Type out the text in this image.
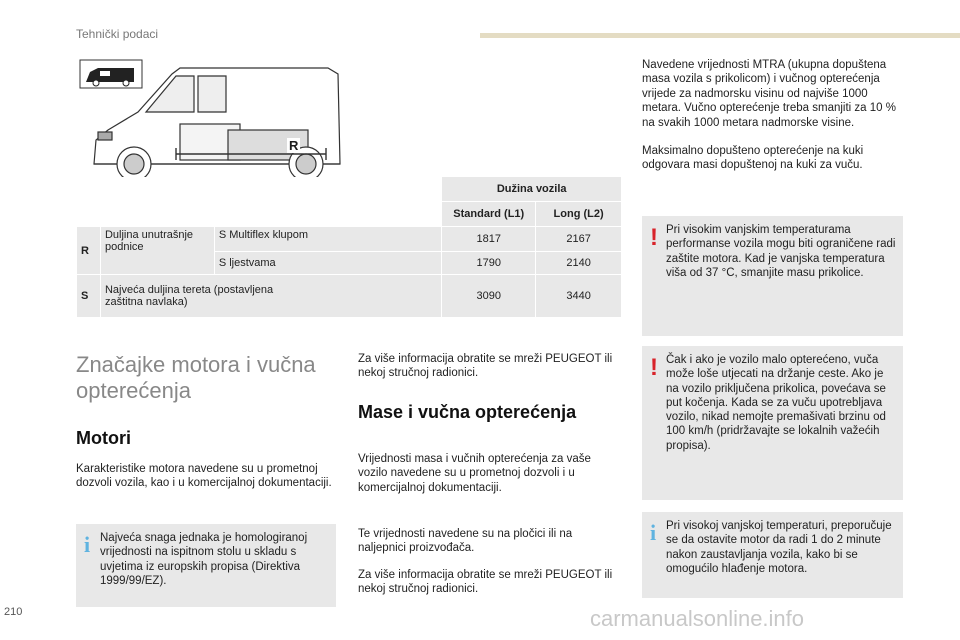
Tehnički podaci
R
			Dužina vozila	
			Standard (L1)	Long (L2)
R	Duljina unutrašnje podnice	S Multiflex klupom	1817	2167
		S ljestvama	1790	2140
S	Najveća duljina tereta (postavljena zaštitna navlaka)		3090	3440
Značajke motora i vučna opterećenja
Motori
Karakteristike motora navedene su u prometnoj dozvoli vozila, kao i u komercijalnoj dokumentaciji.
i Najveća snaga jednaka je homologiranoj vrijednosti na ispitnom stolu u skladu s uvjetima iz europskih propisa (Direktiva 1999/99/EZ).
Za više informacija obratite se mreži PEUGEOT ili nekoj stručnoj radionici.
Mase i vučna opterećenja
Vrijednosti masa i vučnih opterećenja za vaše vozilo navedene su u prometnoj dozvoli i u komercijalnoj dokumentaciji.
Te vrijednosti navedene su na pločici ili na naljepnici proizvođača.
Za više informacija obratite se mreži PEUGEOT ili nekoj stručnoj radionici.
Navedene vrijednosti MTRA (ukupna dopuštena masa vozila s prikolicom) i vučnog opterećenja vrijede za nadmorsku visinu od najviše 1000 metara. Vučno opterećenje treba smanjiti za 10 % na svakih 1000 metara nadmorske visine.
Maksimalno dopušteno opterećenje na kuki odgovara masi dopuštenoj na kuki za vuču.
! Pri visokim vanjskim temperaturama performanse vozila mogu biti ograničene radi zaštite motora. Kad je vanjska temperatura viša od 37 °C, smanjite masu prikolice.
! Čak i ako je vozilo malo opterećeno, vuča može loše utjecati na držanje ceste. Ako je na vozilo priključena prikolica, povećava se put kočenja. Kada se za vuču upotrebljava vozilo, nikad nemojte premašivati brzinu od 100 km/h (pridržavajte se lokalnih važećih propisa).
i Pri visokoj vanjskoj temperaturi, preporučuje se da ostavite motor da radi 1 do 2 minute nakon zaustavljanja vozila, kako bi se omogućilo hlađenje motora.
210	carmanualsonline.info
